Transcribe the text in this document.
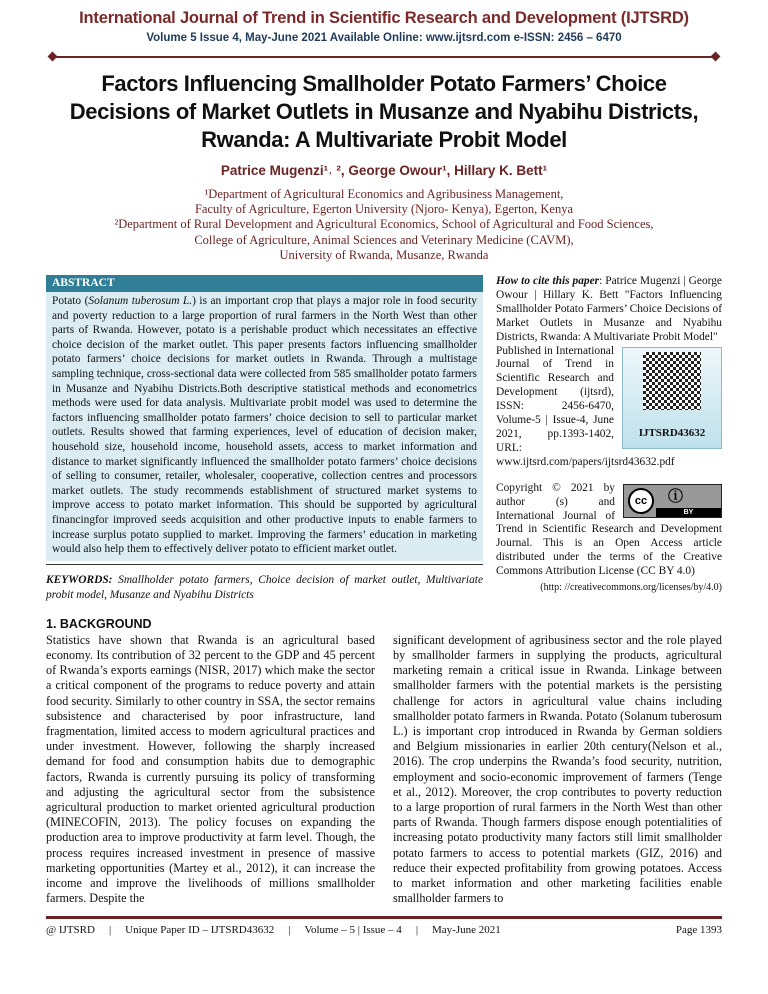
International Journal of Trend in Scientific Research and Development (IJTSRD)
Volume 5 Issue 4, May-June 2021 Available Online: www.ijtsrd.com e-ISSN: 2456 – 6470
Factors Influencing Smallholder Potato Farmers’ Choice Decisions of Market Outlets in Musanze and Nyabihu Districts, Rwanda: A Multivariate Probit Model
Patrice Mugenzi¹˒ ², George Owour¹, Hillary K. Bett¹
¹Department of Agricultural Economics and Agribusiness Management,
Faculty of Agriculture, Egerton University (Njoro- Kenya), Egerton, Kenya
²Department of Rural Development and Agricultural Economics, School of Agricultural and Food Sciences,
College of Agriculture, Animal Sciences and Veterinary Medicine (CAVM),
University of Rwanda, Musanze, Rwanda
ABSTRACT
Potato (Solanum tuberosum L.) is an important crop that plays a major role in food security and poverty reduction to a large proportion of rural farmers in the North West than other parts of Rwanda. However, potato is a perishable product which necessitates an effective choice decision of the market outlet. This paper presents factors influencing smallholder potato farmers’ choice decisions for market outlets in Rwanda. Through a multistage sampling technique, cross-sectional data were collected from 585 smallholder potato farmers in Musanze and Nyabihu Districts.Both descriptive statistical methods and econometrics methods were used for data analysis. Multivariate probit model was used to determine the factors influencing smallholder potato farmers’ choice decision to sell to particular market outlets. Results showed that farming experiences, level of education of decision maker, household size, household income, household assets, access to market information and distance to market significantly influenced the smallholder potato farmers’ choice decisions of selling to consumer, retailer, wholesaler, cooperative, collection centres and processors market outlets. The study recommends establishment of structured market systems to improve access to potato market information. This should be supported by agricultural financingfor improved seeds acquisition and other productive inputs to enable farmers to increase surplus potato supplied to market. Improving the farmers’ education in marketing would also help them to effectively deliver potato to efficient market outlet.
KEYWORDS: Smallholder potato farmers, Choice decision of market outlet, Multivariate probit model, Musanze and Nyabihu Districts
How to cite this paper: Patrice Mugenzi | George Owour | Hillary K. Bett "Factors Influencing Smallholder Potato Farmers’ Choice Decisions of Market Outlets in Musanze and Nyabihu Districts, Rwanda: A Multivariate Probit Model"
IJTSRD43632
Published in International Journal of Trend in Scientific Research and Development (ijtsrd), ISSN: 2456-6470, Volume-5 | Issue-4, June 2021, pp.1393-1402, URL: www.ijtsrd.com/papers/ijtsrd43632.pdf
cc	ⓘ
BY
Copyright © 2021 by author (s) and International Journal of Trend in Scientific Research and Development Journal. This is an Open Access article distributed under the terms of the Creative Commons Attribution License (CC BY 4.0)
(http: //creativecommons.org/licenses/by/4.0)
1. BACKGROUND
Statistics have shown that Rwanda is an agricultural based economy. Its contribution of 32 percent to the GDP and 45 percent of Rwanda’s exports earnings (NISR, 2017) which make the sector a critical component of the programs to reduce poverty and attain food security. Similarly to other country in SSA, the sector remains subsistence and characterised by poor infrastructure, land fragmentation, limited access to modern agricultural practices and under investment. However, following the sharply increased demand for food and consumption habits due to demographic factors, Rwanda is currently pursuing its policy of transforming and adjusting the agricultural sector from the subsistence agricultural production to market oriented agricultural production (MINECOFIN, 2013). The policy focuses on expanding the production area to improve productivity at farm level. Though, the process requires increased investment in presence of massive marketing opportunities (Martey et al., 2012), it can increase the income and improve the livelihoods of millions smallholder farmers. Despite the
significant development of agribusiness sector and the role played by smallholder farmers in supplying the products, agricultural marketing remain a critical issue in Rwanda. Linkage between smallholder farmers with the potential markets is the persisting challenge for actors in agricultural value chains including smallholder potato farmers in Rwanda. Potato (Solanum tuberosum L.) is important crop introduced in Rwanda by German soldiers and Belgium missionaries in earlier 20th century(Nelson et al., 2016). The crop underpins the Rwanda’s food security, nutrition, employment and socio-economic improvement of farmers (Tenge et al., 2012). Moreover, the crop contributes to poverty reduction to a large proportion of rural farmers in the North West than other parts of Rwanda. Though farmers dispose enough potentialities of increasing potato productivity many factors still limit smallholder potato farmers to access to potential markets (GIZ, 2016) and reduce their expected profitability from growing potatoes. Access to market information and other marketing facilities enable smallholder farmers to
@ IJTSRD | Unique Paper ID – IJTSRD43632 | Volume – 5 | Issue – 4 | May-June 2021	Page 1393
